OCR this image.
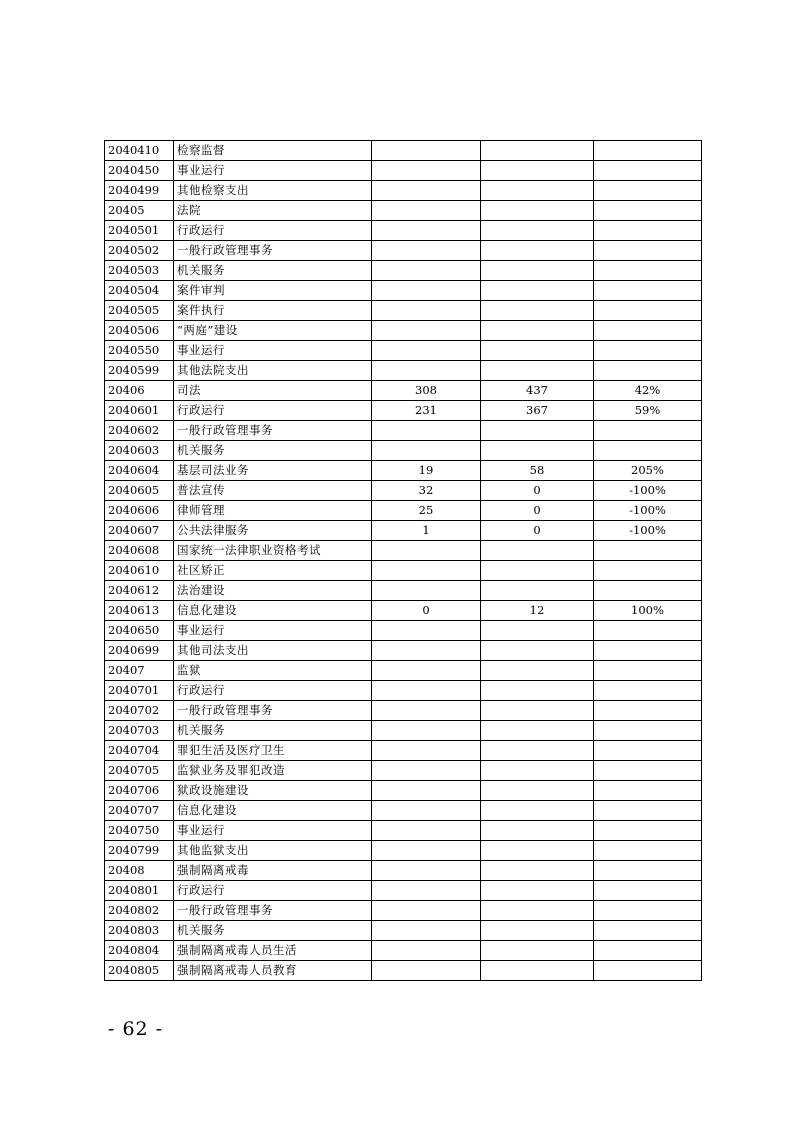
2040410	检察监督			
2040450	事业运行			
2040499	其他检察支出			
20405	法院			
2040501	行政运行			
2040502	一般行政管理事务			
2040503	机关服务			
2040504	案件审判			
2040505	案件执行			
2040506	“两庭”建设			
2040550	事业运行			
2040599	其他法院支出			
20406	司法	308	437	42%
2040601	行政运行	231	367	59%
2040602	一般行政管理事务			
2040603	机关服务			
2040604	基层司法业务	19	58	205%
2040605	普法宣传	32	0	-100%
2040606	律师管理	25	0	-100%
2040607	公共法律服务	1	0	-100%
2040608	国家统一法律职业资格考试			
2040610	社区矫正			
2040612	法治建设			
2040613	信息化建设	0	12	100%
2040650	事业运行			
2040699	其他司法支出			
20407	监狱			
2040701	行政运行			
2040702	一般行政管理事务			
2040703	机关服务			
2040704	罪犯生活及医疗卫生			
2040705	监狱业务及罪犯改造			
2040706	狱政设施建设			
2040707	信息化建设			
2040750	事业运行			
2040799	其他监狱支出			
20408	强制隔离戒毒			
2040801	行政运行			
2040802	一般行政管理事务			
2040803	机关服务			
2040804	强制隔离戒毒人员生活			
2040805	强制隔离戒毒人员教育			
- 62 -
